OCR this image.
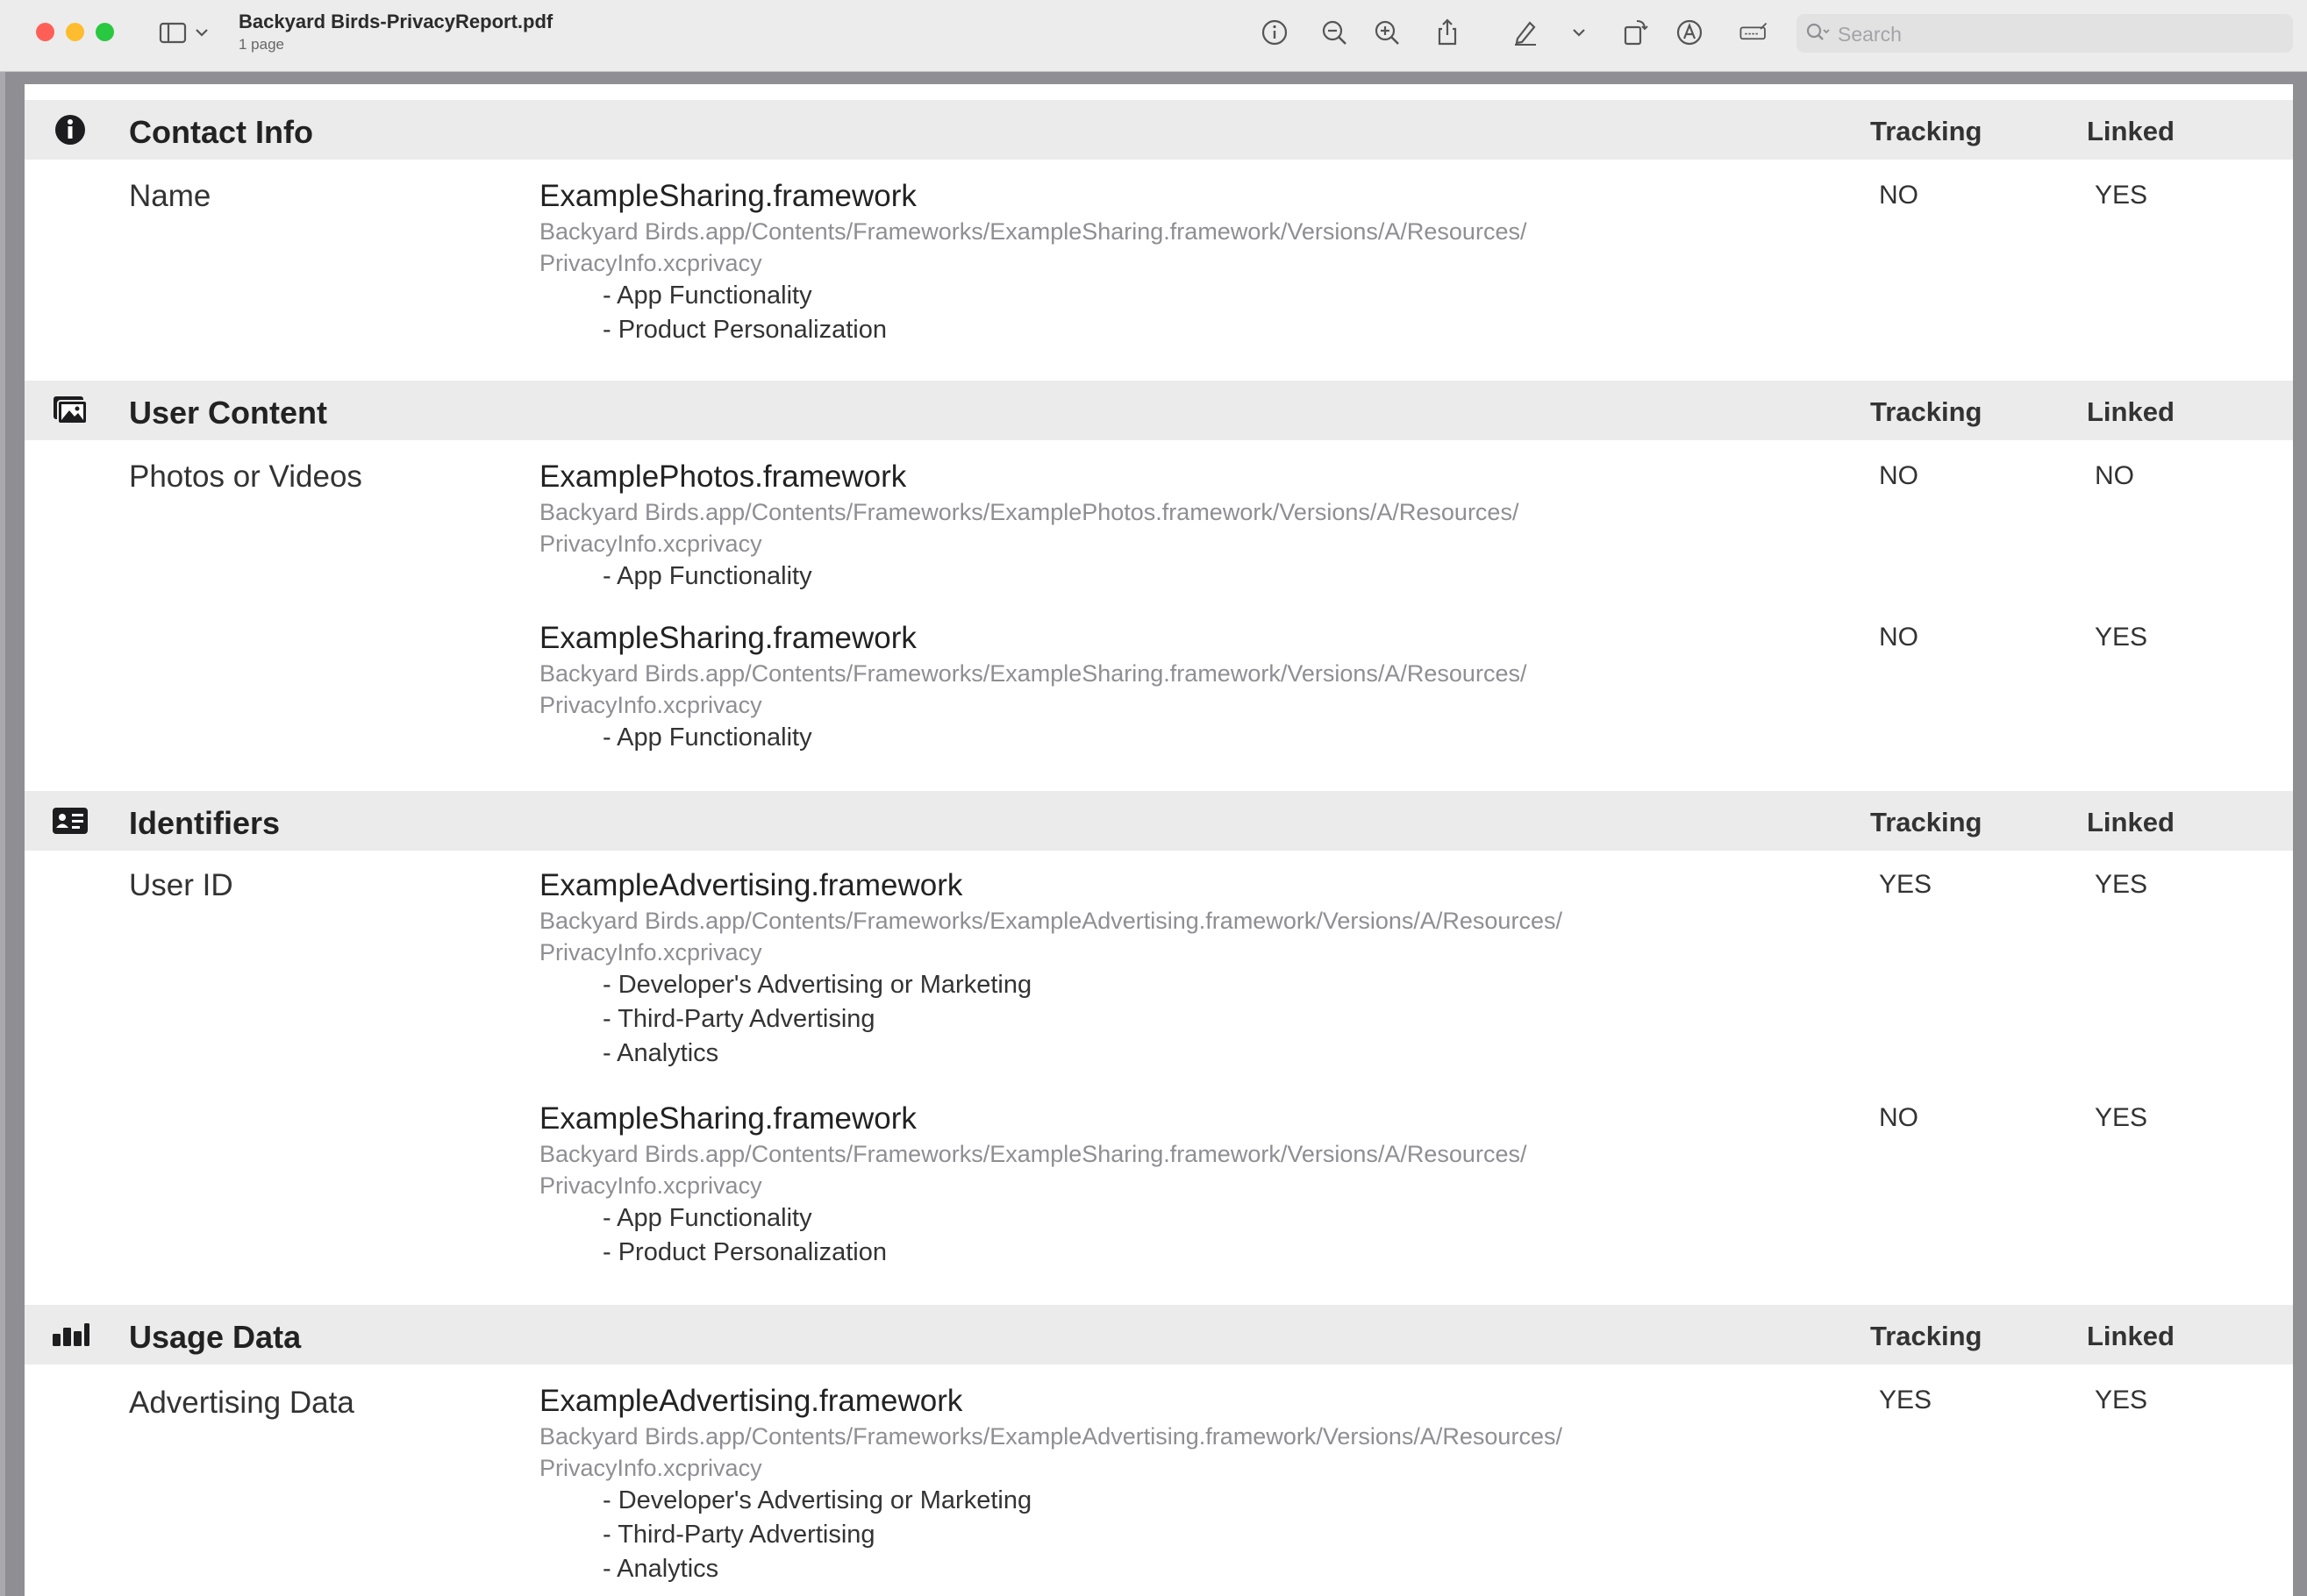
Backyard Birds-PrivacyReport.pdf
1 page	Search
Contact Info	Tracking	Linked
Name	ExampleSharing.framework
Backyard Birds.app/Contents/Frameworks/ExampleSharing.framework/Versions/A/Resources/
PrivacyInfo.xcprivacy
- App Functionality
- Product Personalization
NO	YES
User Content	Tracking	Linked
Photos or Videos	ExamplePhotos.framework
Backyard Birds.app/Contents/Frameworks/ExamplePhotos.framework/Versions/A/Resources/
PrivacyInfo.xcprivacy
- App Functionality
NO	NO
ExampleSharing.framework
Backyard Birds.app/Contents/Frameworks/ExampleSharing.framework/Versions/A/Resources/
PrivacyInfo.xcprivacy
- App Functionality
NO	YES
Identifiers	Tracking	Linked
User ID	ExampleAdvertising.framework
Backyard Birds.app/Contents/Frameworks/ExampleAdvertising.framework/Versions/A/Resources/
PrivacyInfo.xcprivacy
- Developer's Advertising or Marketing
- Third-Party Advertising
- Analytics
YES	YES
ExampleSharing.framework
Backyard Birds.app/Contents/Frameworks/ExampleSharing.framework/Versions/A/Resources/
PrivacyInfo.xcprivacy
- App Functionality
- Product Personalization
NO	YES
Usage Data	Tracking	Linked
Advertising Data	ExampleAdvertising.framework
Backyard Birds.app/Contents/Frameworks/ExampleAdvertising.framework/Versions/A/Resources/
PrivacyInfo.xcprivacy
- Developer's Advertising or Marketing
- Third-Party Advertising
- Analytics
YES	YES
